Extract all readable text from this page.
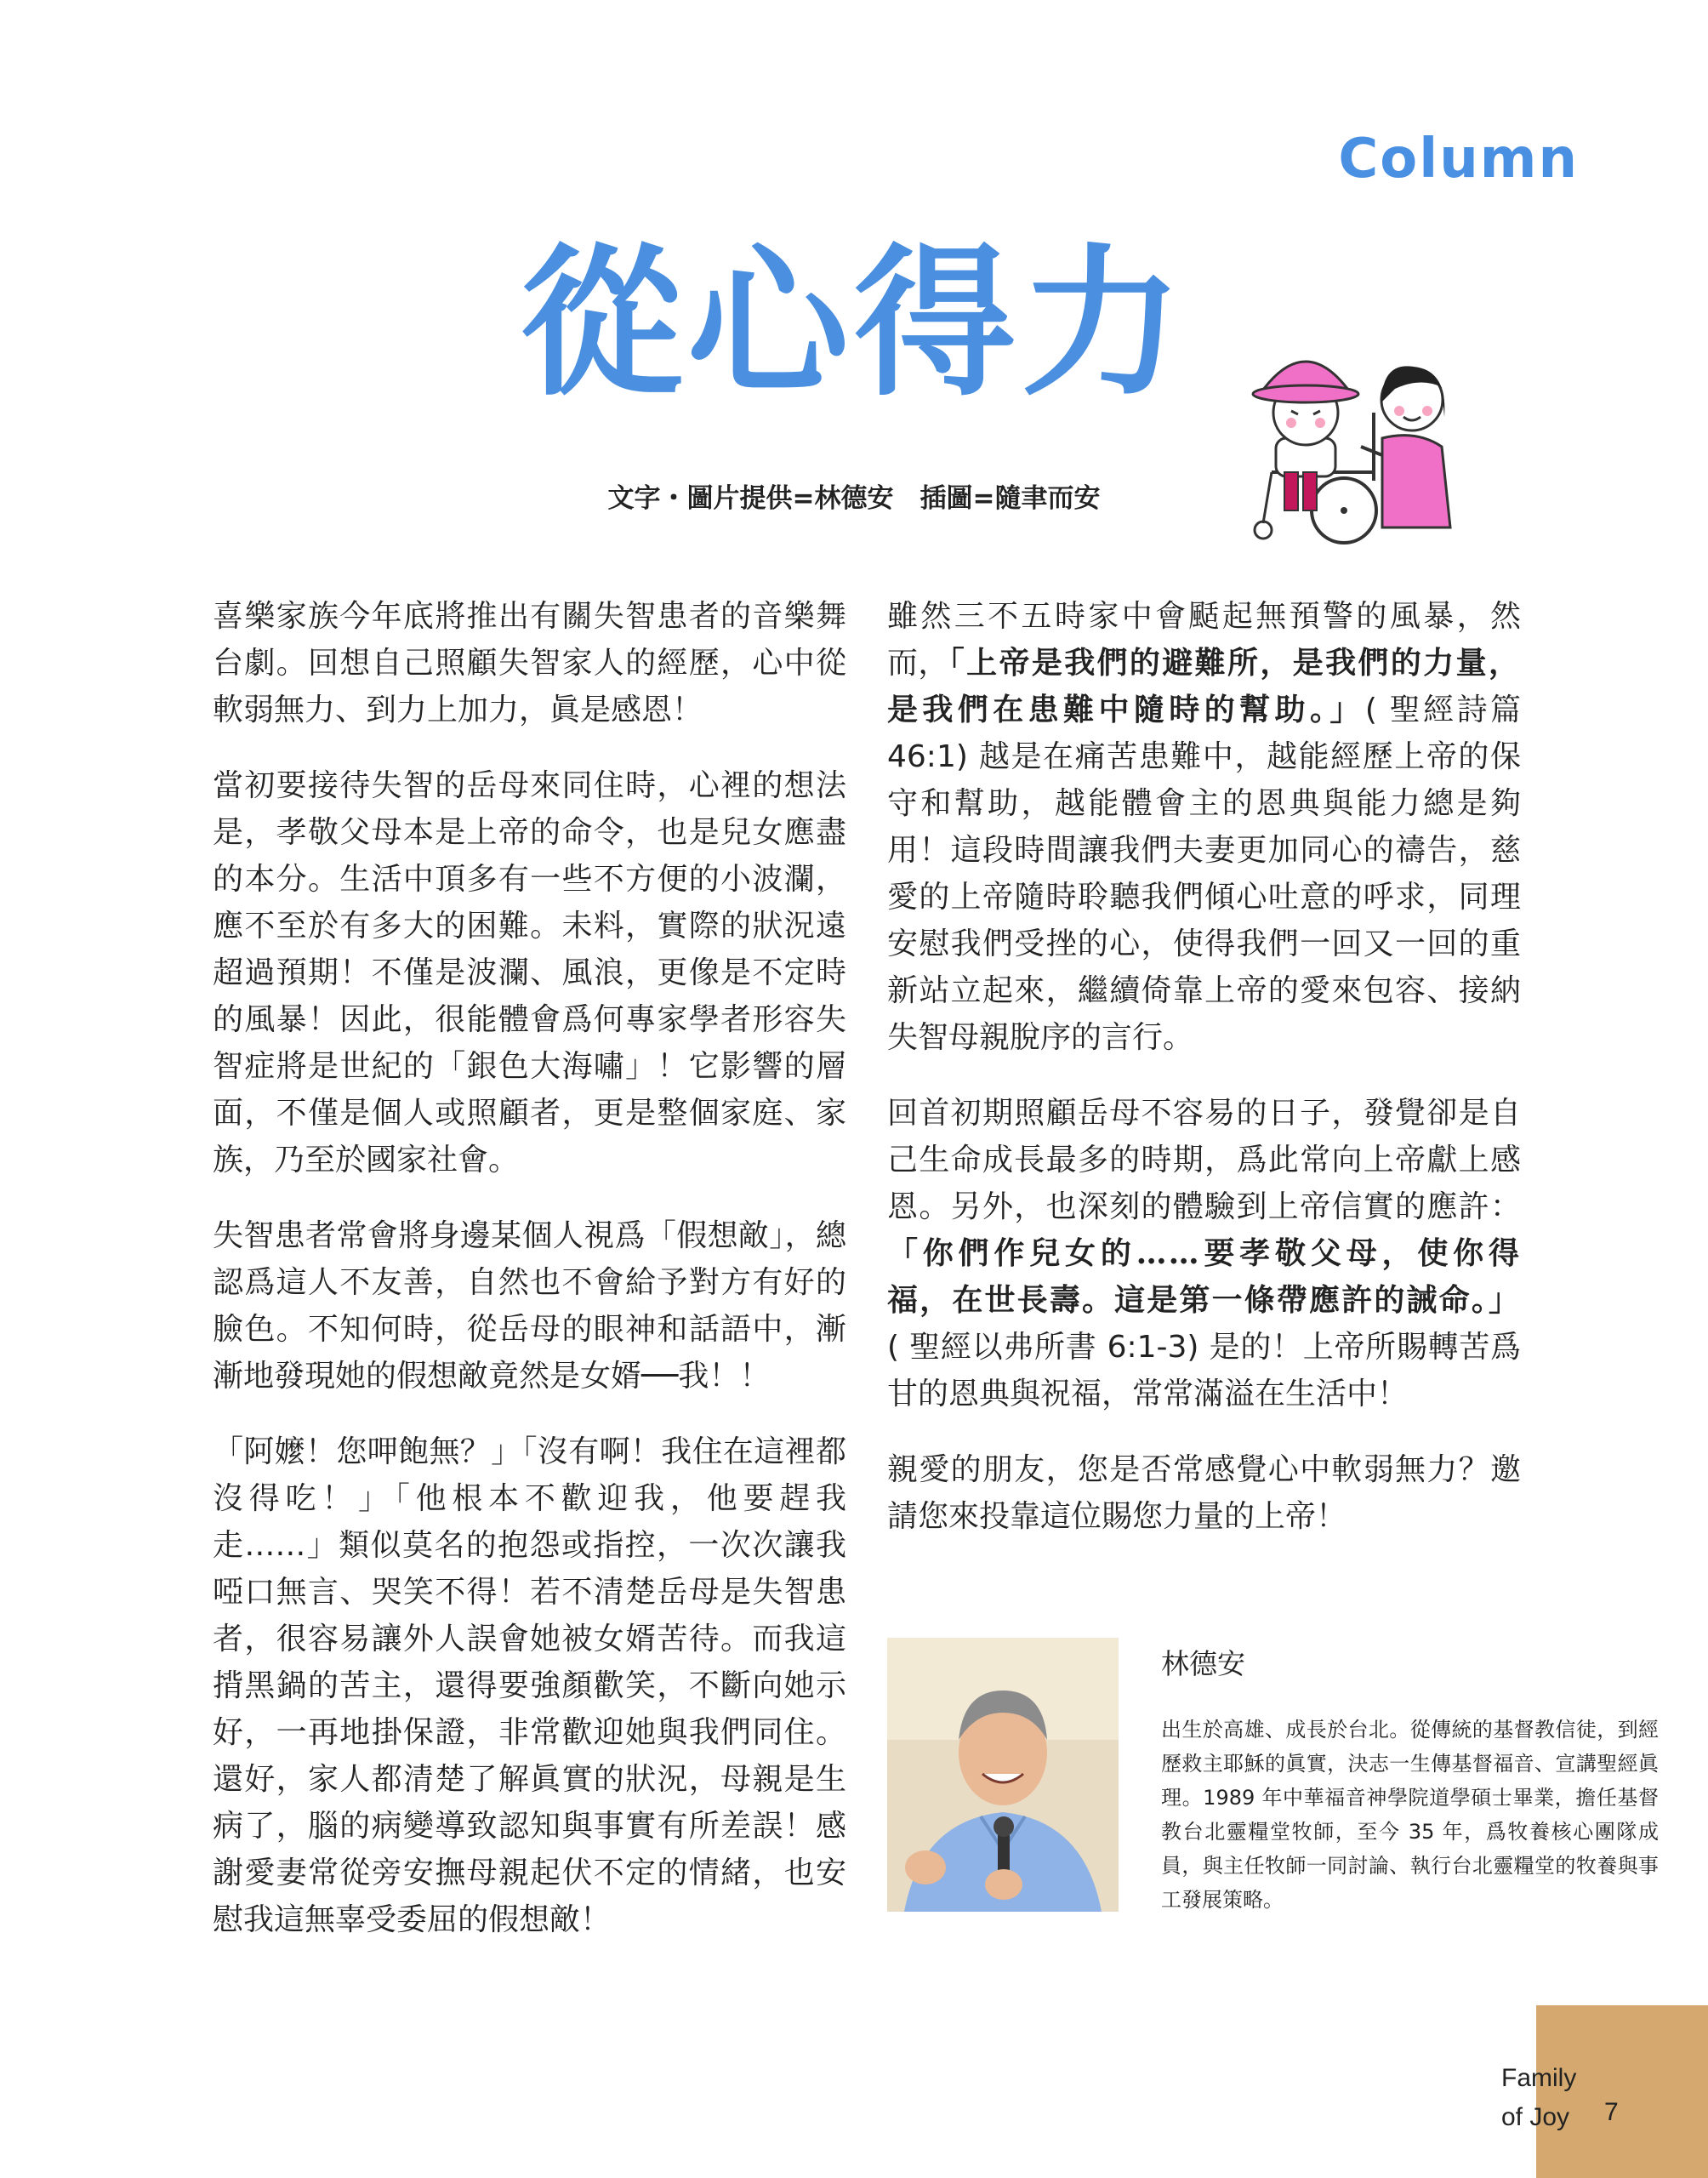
Column
從心得力
文字・圖片提供=林德安　插圖=隨聿而安

喜樂家族今年底將推出有關失智患者的音樂舞台劇。回想自己照顧失智家人的經歷，心中從軟弱無力、到力上加力，眞是感恩！

當初要接待失智的岳母來同住時，心裡的想法是，孝敬父母本是上帝的命令，也是兒女應盡的本分。生活中頂多有一些不方便的小波瀾，應不至於有多大的困難。未料，實際的狀況遠超過預期！不僅是波瀾、風浪，更像是不定時的風暴！因此，很能體會爲何專家學者形容失智症將是世紀的「銀色大海嘯」！它影響的層面，不僅是個人或照顧者，更是整個家庭、家族，乃至於國家社會。

失智患者常會將身邊某個人視爲「假想敵」，總認爲這人不友善，自然也不會給予對方有好的臉色。不知何時，從岳母的眼神和話語中，漸漸地發現她的假想敵竟然是女婿──我！！

「阿嬤！您呷飽無？」「沒有啊！我住在這裡都沒得吃！」「他根本不歡迎我，他要趕我走……」類似莫名的抱怨或指控，一次次讓我啞口無言、哭笑不得！若不清楚岳母是失智患者，很容易讓外人誤會她被女婿苦待。而我這揹黑鍋的苦主，還得要強顏歡笑，不斷向她示好，一再地掛保證，非常歡迎她與我們同住。還好，家人都清楚了解眞實的狀況，母親是生病了，腦的病變導致認知與事實有所差誤！感謝愛妻常從旁安撫母親起伏不定的情緒，也安慰我這無辜受委屈的假想敵！

雖然三不五時家中會颳起無預警的風暴，然而，「上帝是我們的避難所，是我們的力量，是我們在患難中隨時的幫助。」( 聖經詩篇 46:1) 越是在痛苦患難中，越能經歷上帝的保守和幫助，越能體會主的恩典與能力總是夠用！這段時間讓我們夫妻更加同心的禱告，慈愛的上帝隨時聆聽我們傾心吐意的呼求，同理安慰我們受挫的心，使得我們一回又一回的重新站立起來，繼續倚靠上帝的愛來包容、接納失智母親脫序的言行。

回首初期照顧岳母不容易的日子，發覺卻是自己生命成長最多的時期，爲此常向上帝獻上感恩。另外，也深刻的體驗到上帝信實的應許：「你們作兒女的……要孝敬父母，使你得福，在世長壽。這是第一條帶應許的誡命。」( 聖經以弗所書 6:1-3) 是的！上帝所賜轉苦爲甘的恩典與祝福，常常滿溢在生活中！

親愛的朋友，您是否常感覺心中軟弱無力？邀請您來投靠這位賜您力量的上帝！

林德安
出生於高雄、成長於台北。從傳統的基督教信徒，到經歷救主耶穌的眞實，決志一生傳基督福音、宣講聖經眞理。1989 年中華福音神學院道學碩士畢業，擔任基督教台北靈糧堂牧師，至今 35 年，爲牧養核心團隊成員，與主任牧師一同討論、執行台北靈糧堂的牧養與事工發展策略。
Family
of Joy 7
